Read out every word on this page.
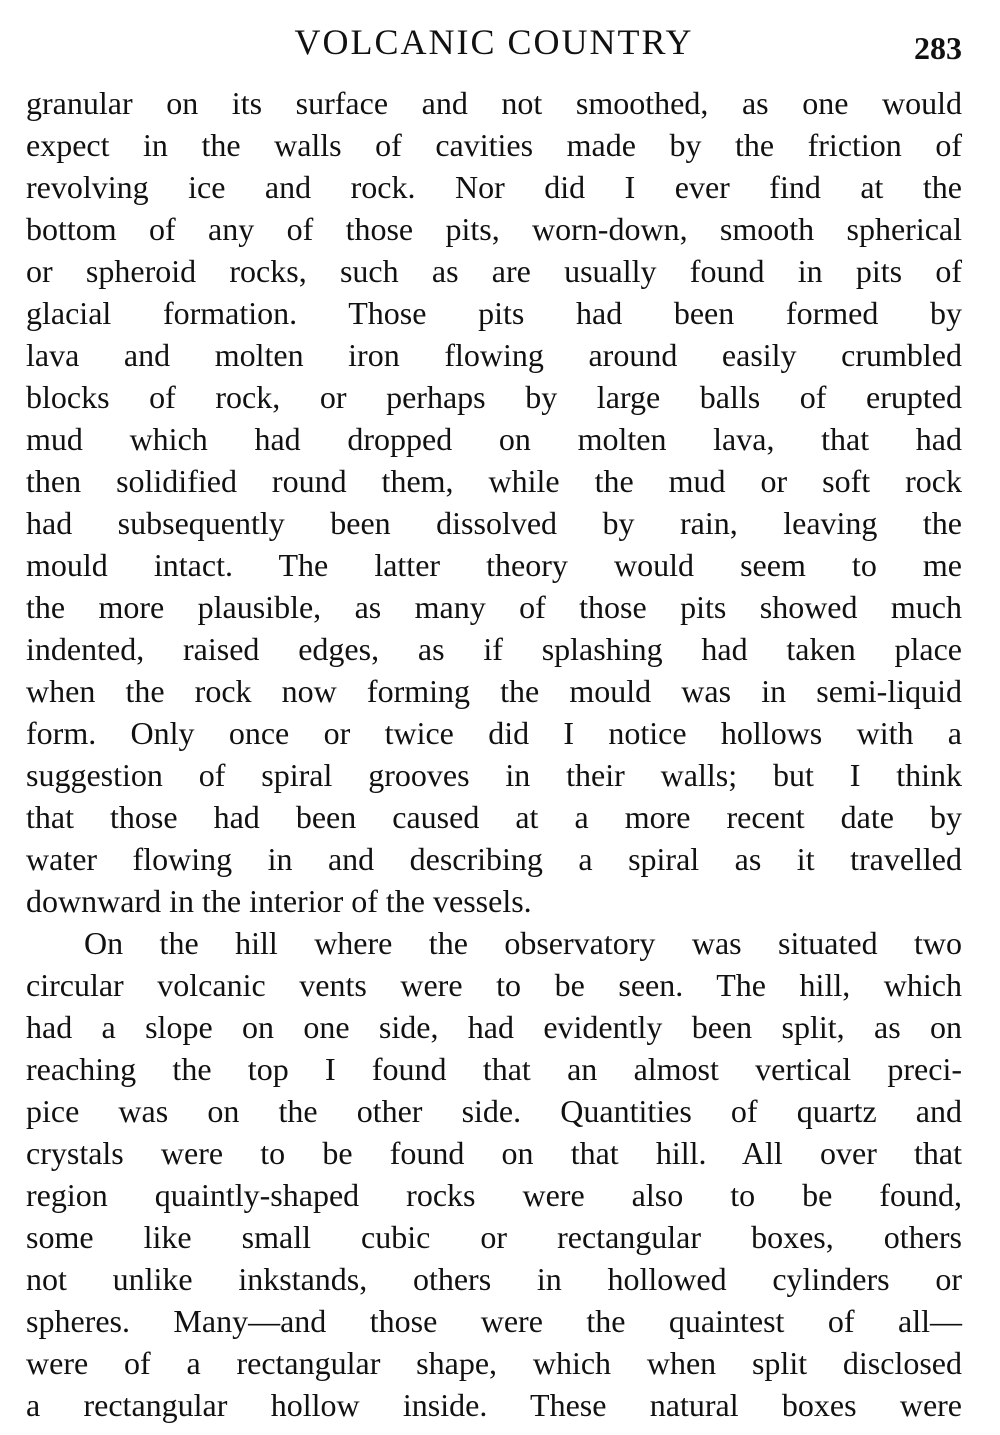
VOLCANIC COUNTRY	283

granular on its surface and not smoothed, as one would
expect in the walls of cavities made by the friction of
revolving ice and rock. Nor did I ever find at the
bottom of any of those pits, worn-down, smooth spherical
or spheroid rocks, such as are usually found in pits of
glacial formation. Those pits had been formed by
lava and molten iron flowing around easily crumbled
blocks of rock, or perhaps by large balls of erupted
mud which had dropped on molten lava, that had
then solidified round them, while the mud or soft rock
had subsequently been dissolved by rain, leaving the
mould intact. The latter theory would seem to me
the more plausible, as many of those pits showed much
indented, raised edges, as if splashing had taken place
when the rock now forming the mould was in semi-liquid
form. Only once or twice did I notice hollows with a
suggestion of spiral grooves in their walls; but I think
that those had been caused at a more recent date by
water flowing in and describing a spiral as it travelled
downward in the interior of the vessels.

On the hill where the observatory was situated two
circular volcanic vents were to be seen. The hill, which
had a slope on one side, had evidently been split, as on
reaching the top I found that an almost vertical preci-
pice was on the other side. Quantities of quartz and
crystals were to be found on that hill. All over that
region quaintly-shaped rocks were also to be found,
some like small cubic or rectangular boxes, others
not unlike inkstands, others in hollowed cylinders or
spheres. Many—and those were the quaintest of all—
were of a rectangular shape, which when split disclosed
a rectangular hollow inside. These natural boxes were
